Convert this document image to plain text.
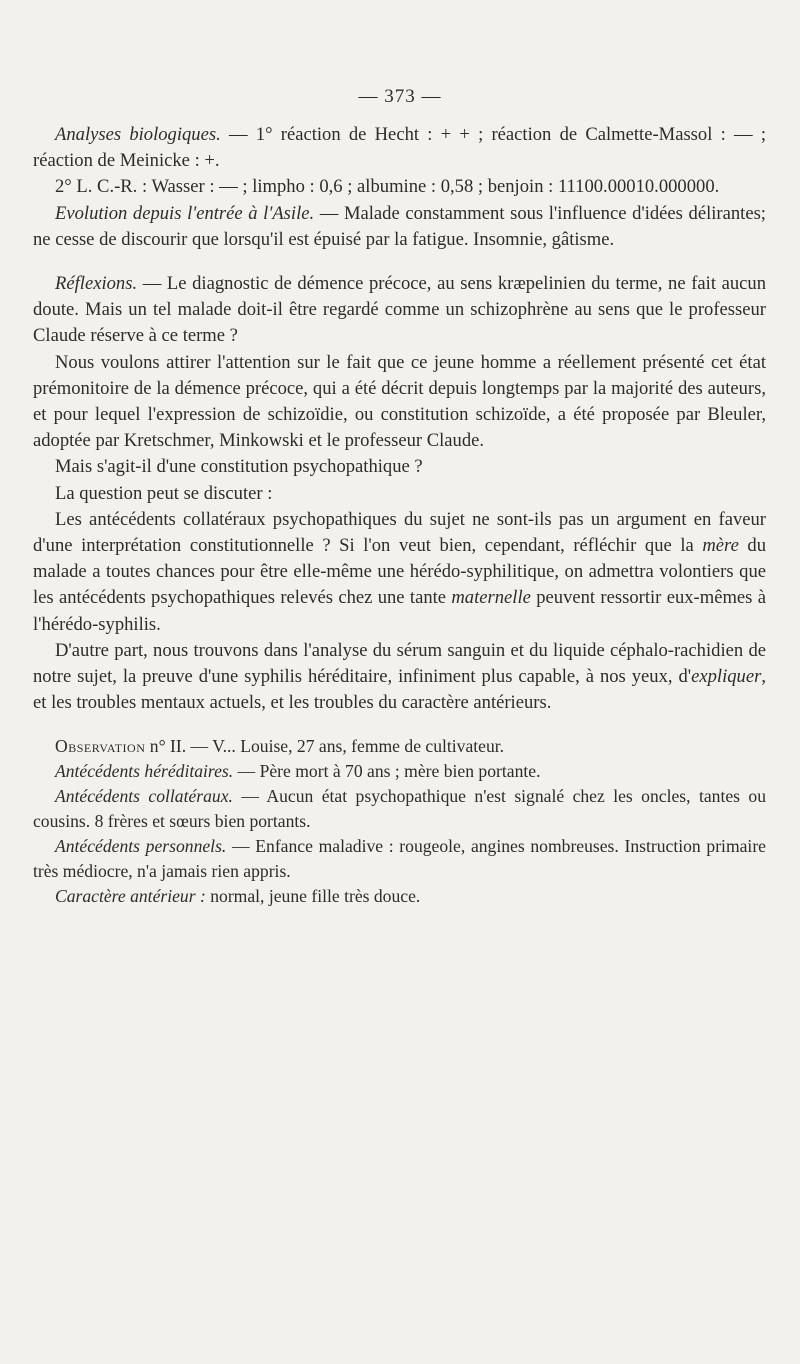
— 373 —

Analyses biologiques. — 1° réaction de Hecht : + + ; réaction de Calmette-Massol : — ; réaction de Meinicke : +.

2° L. C.-R. : Wasser : — ; limpho : 0,6 ; albumine : 0,58 ; benjoin : 11100.00010.000000.

Evolution depuis l'entrée à l'Asile. — Malade constamment sous l'influence d'idées délirantes; ne cesse de discourir que lorsqu'il est épuisé par la fatigue. Insomnie, gâtisme.

Réflexions. — Le diagnostic de démence précoce, au sens kræpelinien du terme, ne fait aucun doute. Mais un tel malade doit-il être regardé comme un schizophrène au sens que le professeur Claude réserve à ce terme ?

Nous voulons attirer l'attention sur le fait que ce jeune homme a réellement présenté cet état prémonitoire de la démence précoce, qui a été décrit depuis longtemps par la majorité des auteurs, et pour lequel l'expression de schizoïdie, ou constitution schizoïde, a été proposée par Bleuler, adoptée par Kretschmer, Minkowski et le professeur Claude.

Mais s'agit-il d'une constitution psychopathique ?

La question peut se discuter :

Les antécédents collatéraux psychopathiques du sujet ne sont-ils pas un argument en faveur d'une interprétation constitutionnelle ? Si l'on veut bien, cependant, réfléchir que la mère du malade a toutes chances pour être elle-même une hérédo-syphilitique, on admettra volontiers que les antécédents psychopathiques relevés chez une tante maternelle peuvent ressortir eux-mêmes à l'hérédo-syphilis.

D'autre part, nous trouvons dans l'analyse du sérum sanguin et du liquide céphalo-rachidien de notre sujet, la preuve d'une syphilis héréditaire, infiniment plus capable, à nos yeux, d'expliquer, et les troubles mentaux actuels, et les troubles du caractère antérieurs.

Observation n° II. — V... Louise, 27 ans, femme de cultivateur.

Antécédents héréditaires. — Père mort à 70 ans ; mère bien portante.

Antécédents collatéraux. — Aucun état psychopathique n'est signalé chez les oncles, tantes ou cousins. 8 frères et sœurs bien portants.

Antécédents personnels. — Enfance maladive : rougeole, angines nombreuses. Instruction primaire très médiocre, n'a jamais rien appris.

Caractère antérieur : normal, jeune fille très douce.
